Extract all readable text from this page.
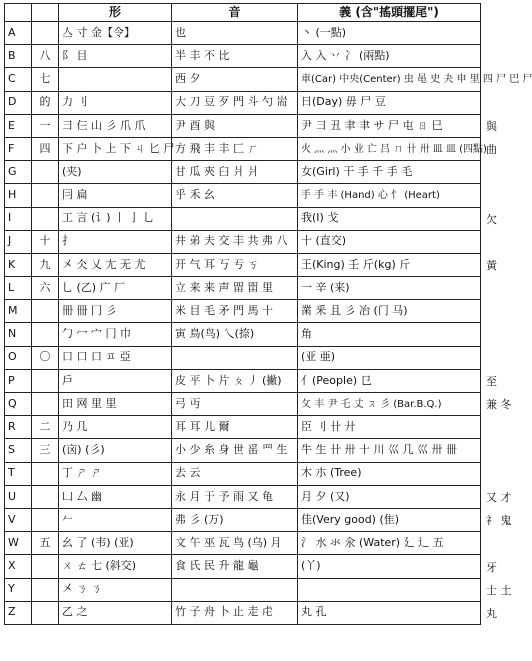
		形	音	義 (含"搖頭擺尾")
A		亼 寸 金【令】	也	丶 (一點)
B	八	阝 目	半 丰 不 比	入 入 丷 冫 (兩點)
C	七		西 夕	車(Car) 中央(Center) 虫 黾 史 夬 申 里 四 尸 巴 尸
D	的	力 刂	大 刀 豆 歹 門 斗 勺 耑	日(Day) 毋 尸 豆
E	一	彐 仨 山 彡 爪 爪	尹 酉 與	尹 彐 丑 聿 聿 サ 尸 屯 ㄖ 巳
F	四	下 户 卜 上 下 ㄐ 匕 尸	方 飛 丰 丰 匚 ㄏ	火 灬 灬 小 业 亡 吕 ㄇ 卄 卅 皿 皿 (四點)
G		(夹)	甘 瓜 夾 臼 爿 爿	女(Girl) 干 手 千 手 毛
H		冃 扁	乎 禾 幺	手 手 丰 (Hand) 心 忄 (Heart)
I		工 言 (讠) 丨 亅 乚		我(I) 戈
J	十	扌	井 弟 夫 交 丰 共 弗 八	十 (直交)
K	九	㐅 仌 乂 尢 无 尤	开 气 耳 丂 亐 ㄎ	王(King) 壬 斤(kg) 斤
L	六	乚 (乙) 广 厂	立 来 来 声 㽞 㽞 里	一 辛 (来)
M		冊 冊 冂 彡	米 目 毛 矛 門 馬 十	黹 釆 且 彡 冶 (门 马)
N		勹 冖 宀 冂 巾	寅 鳥(鸟) 乀(捺)	角
O	〇	口 口 口 ㅍ 亞		(亚 亜)
P		戶	皮 平 卜 片 ㄆ 丿 (撇)	亻(People) 㔾
Q		田 网 里 里	弓 丏	攵 丰 尹 乇 丈 ㄡ 彡 (Bar.B.Q.)
R	二	乃 几	耳 耳 儿 爾	臣 刂 卄 廾
S	三	(㐫) (彡)	小 少 糸 身 世 䍃 罒 生	牛 生 卄 卅 十 川 巛 几 巛 卅 卌
T		丁 ㄕ ㄕ	去 云	木 朩 (Tree)
U		凵 厶 幽	永 月 于 予 雨 又 龟	月 夕 (又)
V		𠂉	弗 彡 (万)	佳(Very good) (隹)
W	五	幺 了 (韦) (亚)	文 午 巫 瓦 鸟 (乌) 月	氵 水 氺 氽 (Water) 廴 辶 五
X		ㄨ ㄊ 七 (斜交)	食 氏 民 升 龍 龜	(丫)
Y		㐅 ㄋ ㄋ		
Z		乙 之	竹 子 舟 卜 止 走 虍	丸 孔
與
曲
欠
黃
至
兼 冬
又 才
礻 鬼
牙
士 土
丸
